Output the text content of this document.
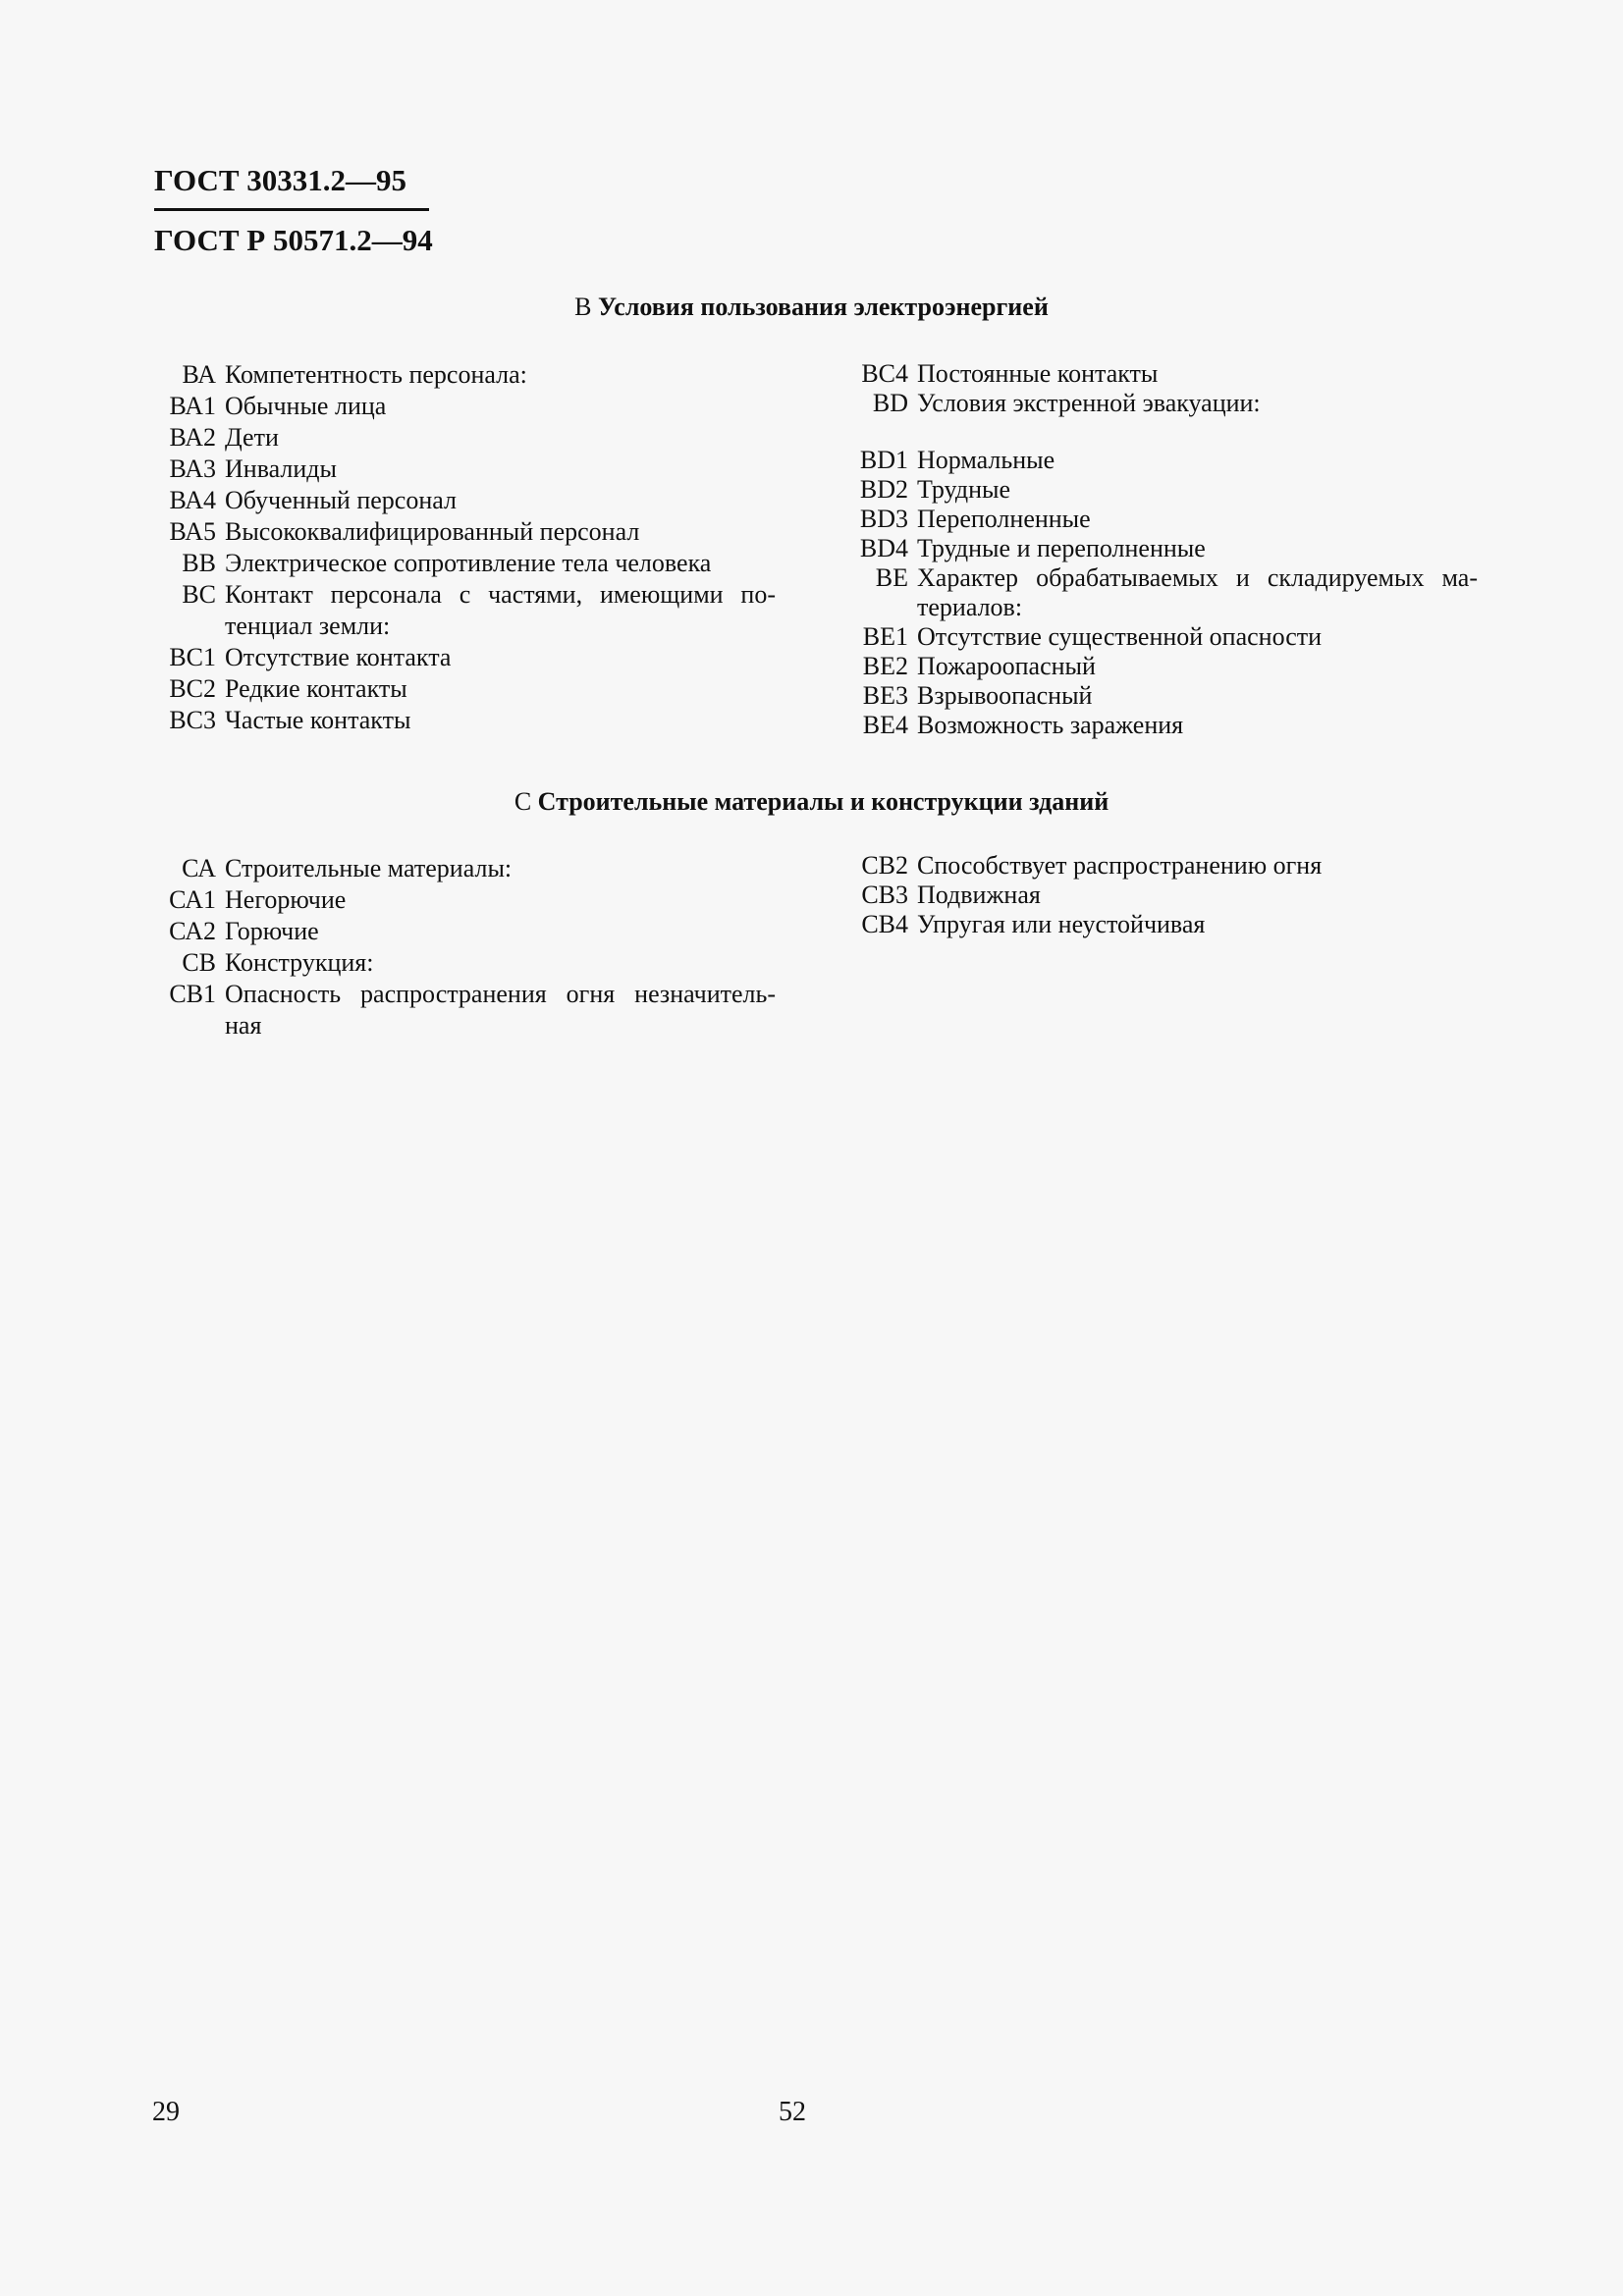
ГОСТ 30331.2—95
ГОСТ Р 50571.2—94
В Условия пользования электроэнергией
ВА Компетентность персонала:
ВА1 Обычные лица
ВА2 Дети
ВА3 Инвалиды
ВА4 Обученный персонал
ВА5 Высококвалифицированный персонал
ВВ Электрическое сопротивление тела человека
ВС Контакт персонала с частями, имеющими по- тенциал земли:
ВС1 Отсутствие контакта
ВС2 Редкие контакты
ВС3 Частые контакты
ВС4 Постоянные контакты
BD Условия экстренной эвакуации:
BD1 Нормальные
BD2 Трудные
BD3 Переполненные
BD4 Трудные и переполненные
BE Характер обрабатываемых и складируемых ма- териалов:
BE1 Отсутствие существенной опасности
BE2 Пожароопасный
BE3 Взрывоопасный
BE4 Возможность заражения
С Строительные материалы и конструкции зданий
СА Строительные материалы:
СА1 Негорючие
СА2 Горючие
СВ Конструкция:
СВ1 Опасность распространения огня незначитель- ная
СВ2 Способствует распространению огня
СВ3 Подвижная
СВ4 Упругая или неустойчивая
29	52
